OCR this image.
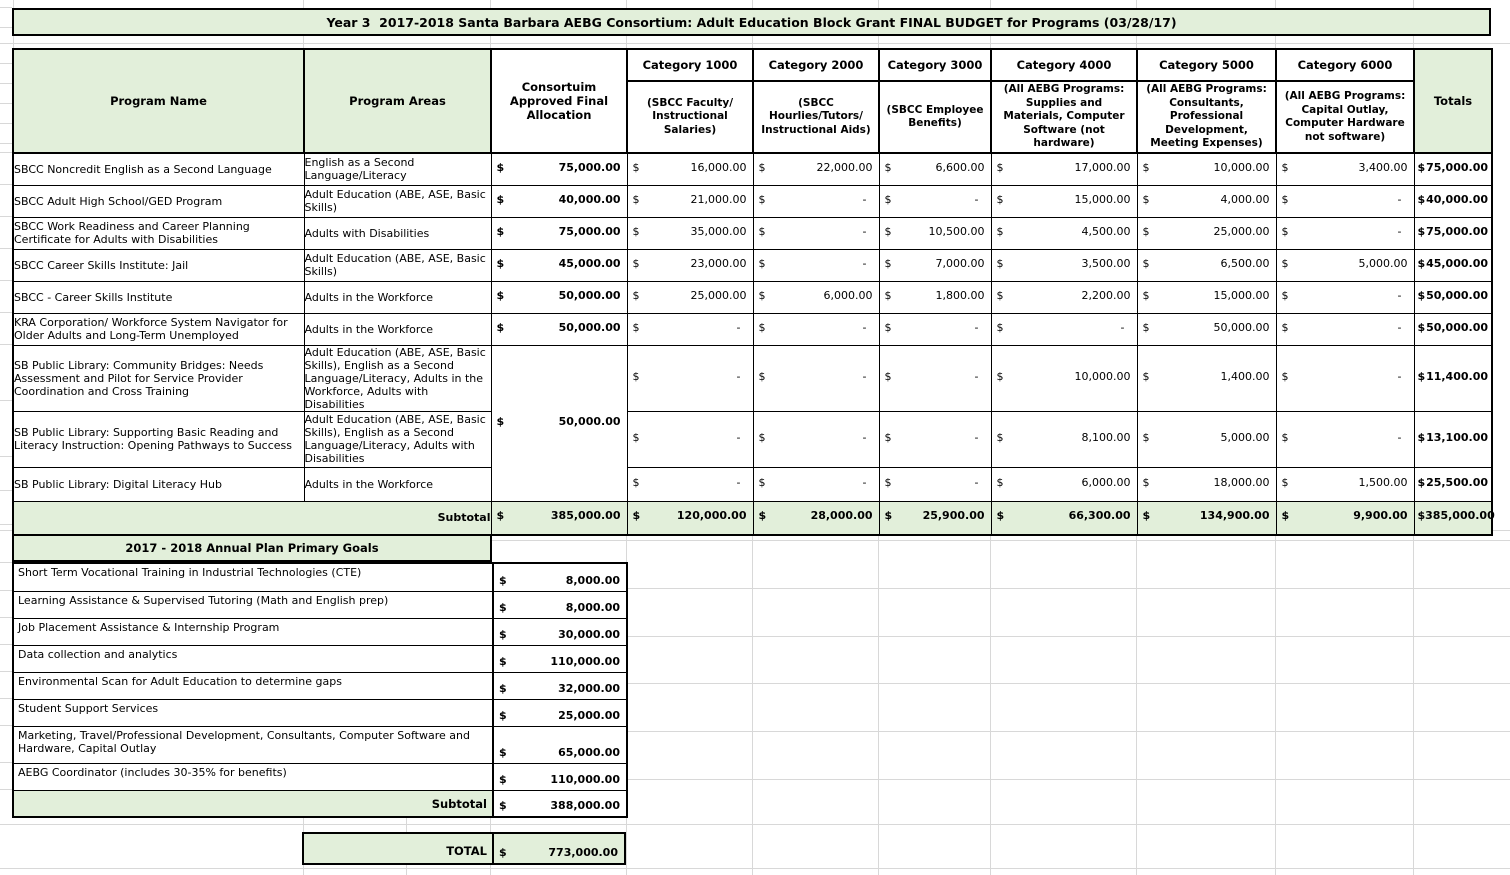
Year 3  2017-2018 Santa Barbara AEBG Consortium: Adult Education Block Grant FINAL BUDGET for Programs (03/28/17)
Program Name	Program Areas	Consortuim Approved Final Allocation	Category 1000	Category 2000	Category 3000	Category 4000	Category 5000	Category 6000	Totals
			(SBCC Faculty/ Instructional Salaries)	(SBCC Hourlies/Tutors/ Instructional Aids)	(SBCC Employee Benefits)	(All AEBG Programs: Supplies and Materials, Computer Software (not hardware)	(All AEBG Programs: Consultants, Professional Development, Meeting Expenses)	(All AEBG Programs: Capital Outlay, Computer Hardware not software)	
SBCC Noncredit English as a Second Language	English as a Second Language/Literacy	$ 75,000.00	$ 16,000.00	$ 22,000.00	$ 6,600.00	$ 17,000.00	$ 10,000.00	$ 3,400.00	$ 75,000.00

SBCC Adult High School/GED Program	Adult Education (ABE, ASE, Basic Skills)	$ 40,000.00	$ 21,000.00	$ -	$ -	$ 15,000.00	$ 4,000.00	$ -	$ 40,000.00

SBCC Work Readiness and Career Planning Certificate for Adults with Disabilities	Adults with Disabilities	$ 75,000.00	$ 35,000.00	$ -	$ 10,500.00	$ 4,500.00	$ 25,000.00	$ -	$ 75,000.00

SBCC Career Skills Institute: Jail	Adult Education (ABE, ASE, Basic Skills)	$ 45,000.00	$ 23,000.00	$ -	$ 7,000.00	$ 3,500.00	$ 6,500.00	$ 5,000.00	$ 45,000.00

SBCC - Career Skills Institute	Adults in the Workforce	$ 50,000.00	$ 25,000.00	$ 6,000.00	$ 1,800.00	$ 2,200.00	$ 15,000.00	$ -	$ 50,000.00

KRA Corporation/ Workforce System Navigator for Older Adults and Long-Term Unemployed	Adults in the Workforce	$ 50,000.00	$ -	$ -	$ -	$ -	$ 50,000.00	$ -	$ 50,000.00

SB Public Library: Community Bridges: Needs Assessment and Pilot for Service Provider Coordination and Cross Training	Adult Education (ABE, ASE, Basic Skills), English as a Second Language/Literacy, Adults in the Workforce, Adults with Disabilities	$ 50,000.00	$ -	$ -	$ -	$ 10,000.00	$ 1,400.00	$ -	$ 11,400.00

SB Public Library: Supporting Basic Reading and Literacy Instruction: Opening Pathways to Success	Adult Education (ABE, ASE, Basic Skills), English as a Second Language/Literacy, Adults with Disabilities		$ -	$ -	$ -	$ 8,100.00	$ 5,000.00	$ -	$ 13,100.00

SB Public Library: Digital Literacy Hub	Adults in the Workforce		$ -	$ -	$ -	$ 6,000.00	$ 18,000.00	$ 1,500.00	$ 25,500.00

Subtotal		$ 385,000.00	$ 120,000.00	$ 28,000.00	$ 25,900.00	$ 66,300.00	$ 134,900.00	$ 9,900.00	$ 385,000.00
2017 - 2018 Annual Plan Primary Goals
Short Term Vocational Training in Industrial Technologies (CTE)	$ 8,000.00

Learning Assistance & Supervised Tutoring (Math and English prep)	$ 8,000.00

Job Placement Assistance & Internship Program	$ 30,000.00

Data collection and analytics	$ 110,000.00

Environmental Scan for Adult Education to determine gaps	$ 32,000.00

Student Support Services	$ 25,000.00

Marketing, Travel/Professional Development, Consultants, Computer Software and Hardware, Capital Outlay	$ 65,000.00

AEBG Coordinator (includes 30-35% for benefits)	$ 110,000.00

Subtotal	$ 388,000.00
TOTAL	$	773,000.00
